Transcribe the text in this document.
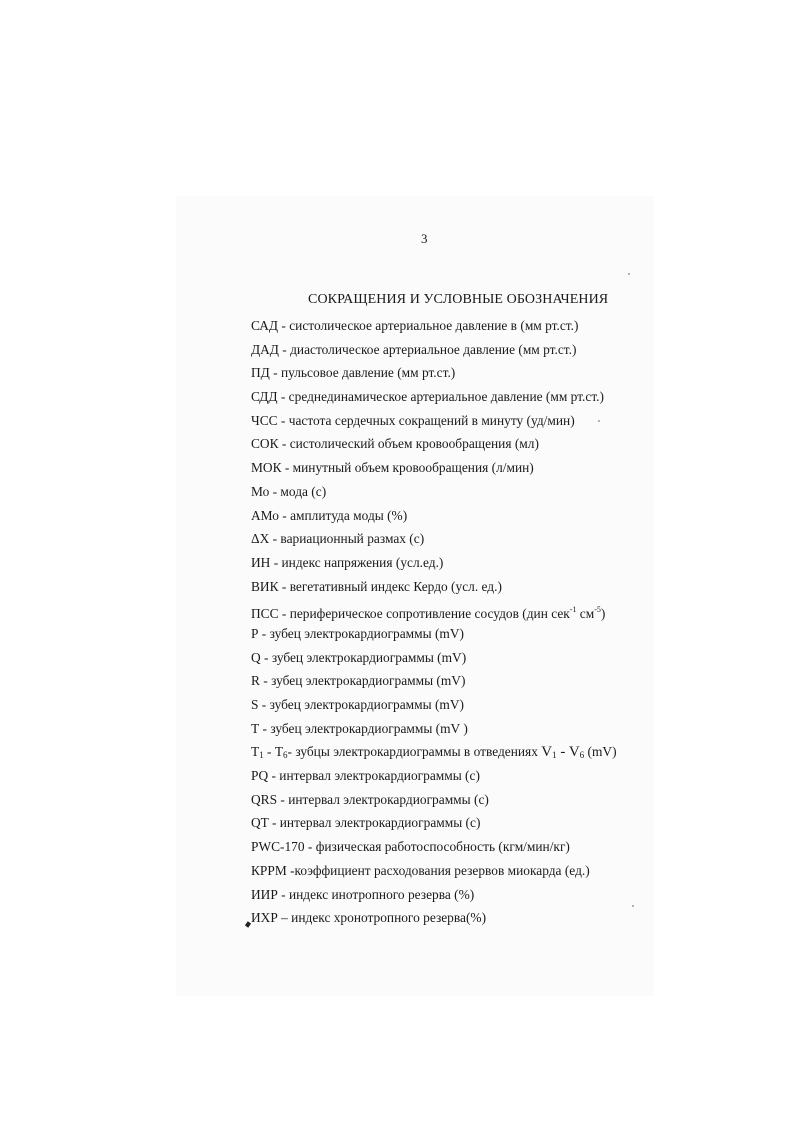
3
СОКРАЩЕНИЯ И УСЛОВНЫЕ ОБОЗНАЧЕНИЯ
САД - систолическое артериальное давление в (мм рт.ст.)
ДАД - диастолическое артериальное давление (мм рт.ст.)
ПД - пульсовое давление (мм рт.ст.)
СДД - среднединамическое артериальное давление (мм рт.ст.)
ЧСС - частота сердечных сокращений в минуту (уд/мин)
СОК - систолический объем кровообращения (мл)
МОК - минутный объем кровообращения (л/мин)
Мо - мода (с)
АМо - амплитуда моды (%)
ΔX - вариационный размах (с)
ИН - индекс напряжения (усл.ед.)
ВИК - вегетативный индекс Кердо (усл. ед.)
ПСС - периферическое сопротивление сосудов (дин сек$^{-1}$ $см^{-5}$)
Р - зубец электрокардиограммы (mV)
Q - зубец электрокардиограммы (mV)
R - зубец электрокардиограммы (mV)
S - зубец электрокардиограммы (mV)
Т - зубец электрокардиограммы (mV )
$Т_1 - Т_6-$ зубцы электрокардиограммы в отведениях $V_1 - V_6$ (mV)
PQ - интервал электрокардиограммы (с)
QRS - интервал электрокардиограммы (с)
QT - интервал электрокардиограммы (с)
PWC-170 - физическая работоспособность (кгм/мин/кг)
КРРМ -коэффициент расходования резервов миокарда (ед.)
ИИР - индекс инотропного резерва (%)
ИХР – индекс хронотропного резерва(%)
